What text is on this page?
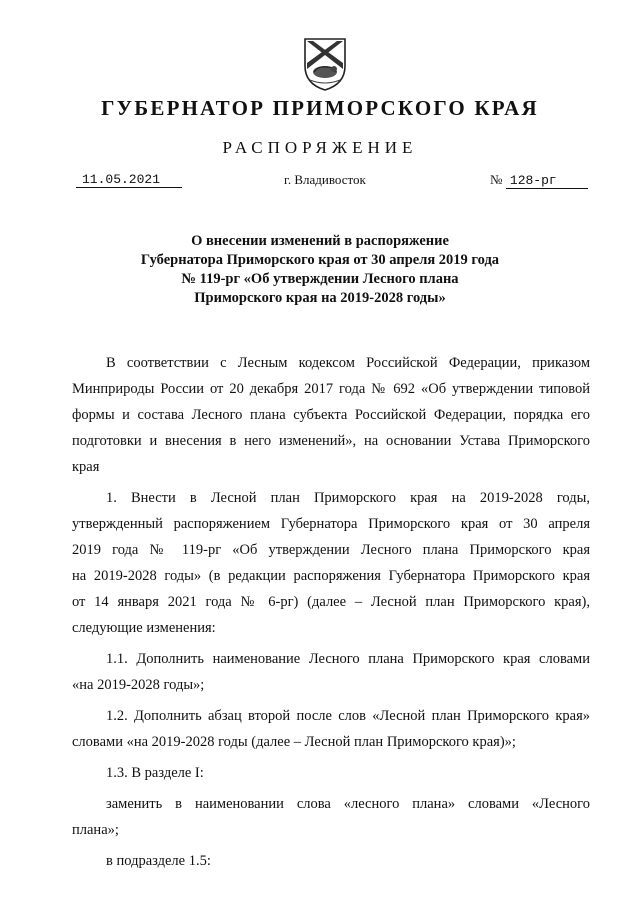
ГУБЕРНАТОР ПРИМОРСКОГО КРАЯ
РАСПОРЯЖЕНИЕ
11.05.2021	г. Владивосток	№ 128-рг
О внесении изменений в распоряжение
Губернатора Приморского края от 30 апреля 2019 года
№ 119-рг «Об утверждении Лесного плана
Приморского края на 2019-2028 годы»
В соответствии с Лесным кодексом Российской Федерации, приказом
Минприроды России от 20 декабря 2017 года № 692 «Об утверждении типовой
формы и состава Лесного плана субъекта Российской Федерации, порядка его
подготовки и внесения в него изменений», на основании Устава Приморского
края
1. Внести в Лесной план Приморского края на 2019-2028 годы,
утвержденный распоряжением Губернатора Приморского края от 30 апреля
2019 года № 119-рг «Об утверждении Лесного плана Приморского края
на 2019-2028 годы» (в редакции распоряжения Губернатора Приморского края
от 14 января 2021 года № 6-рг) (далее – Лесной план Приморского края),
следующие изменения:
1.1. Дополнить наименование Лесного плана Приморского края словами
«на 2019-2028 годы»;
1.2. Дополнить абзац второй после слов «Лесной план Приморского края»
словами «на 2019-2028 годы (далее – Лесной план Приморского края)»;
1.3. В разделе I:
заменить в наименовании слова «лесного плана» словами «Лесного
плана»;
в подразделе 1.5:
